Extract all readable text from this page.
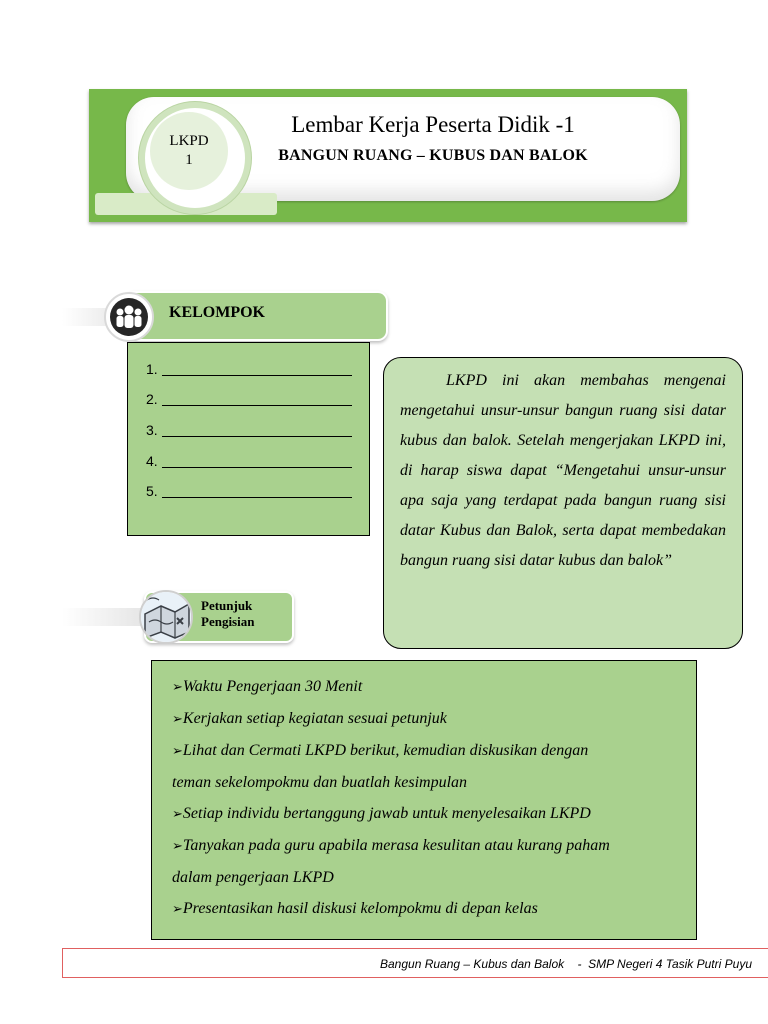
LKPD
1
Lembar Kerja Peserta Didik -1
BANGUN RUANG – KUBUS DAN BALOK
KELOMPOK
1.
2.
3.
4.
5.

LKPD ini akan membahas mengenai mengetahui unsur-unsur bangun ruang sisi datar kubus dan balok. Setelah mengerjakan LKPD ini, di harap siswa dapat “Mengetahui unsur-unsur apa saja yang terdapat pada bangun ruang sisi datar Kubus dan Balok, serta dapat membedakan bangun ruang sisi datar kubus dan balok”

Petunjuk
Pengisian
➢Waktu Pengerjaan 30 Menit
➢Kerjakan setiap kegiatan sesuai petunjuk
➢Lihat dan Cermati LKPD berikut, kemudian diskusikan dengan
teman sekelompokmu dan buatlah kesimpulan
➢Setiap individu bertanggung jawab untuk menyelesaikan LKPD
➢Tanyakan pada guru apabila merasa kesulitan atau kurang paham
dalam pengerjaan LKPD
➢Presentasikan hasil diskusi kelompokmu di depan kelas
Bangun Ruang – Kubus dan Balok    -  SMP Negeri 4 Tasik Putri Puyu
